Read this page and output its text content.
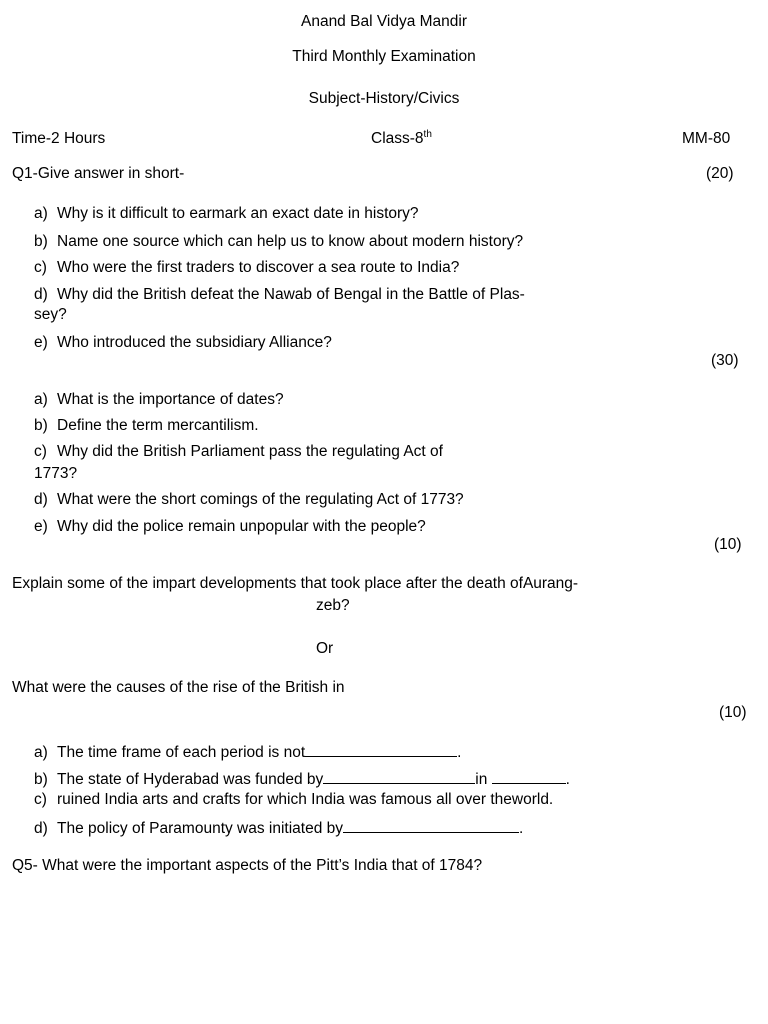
Anand Bal Vidya Mandir
Third Monthly Examination
Subject-History/Civics
Time-2 Hours	Class-8th	MM-80
Q1-Give answer in short-	(20)
a) Why is it difficult to earmark an exact date in history?
b) Name one source which can help us to know about modern history?
c) Who were the first traders to discover a sea route to India?
d) Why did the British defeat the Nawab of Bengal in the Battle of Plas-
sey?
e) Who introduced the subsidiary Alliance?
(30)
a) What is the importance of dates?
b) Define the term mercantilism.
c) Why did the British Parliament pass the regulating Act of
1773?
d) What were the short comings of the regulating Act of 1773?
e) Why did the police remain unpopular with the people?
(10)
Explain some of the impart developments that took place after the death ofAurang-
zeb?
Or
What were the causes of the rise of the British in
(10)
a) The time frame of each period is not	.
b) The state of Hyderabad was funded by	in	.
c) ruined India arts and crafts for which India was famous all over theworld.
d) The policy of Paramounty was initiated by	.
Q5- What were the important aspects of the Pitt’s India that of 1784?
